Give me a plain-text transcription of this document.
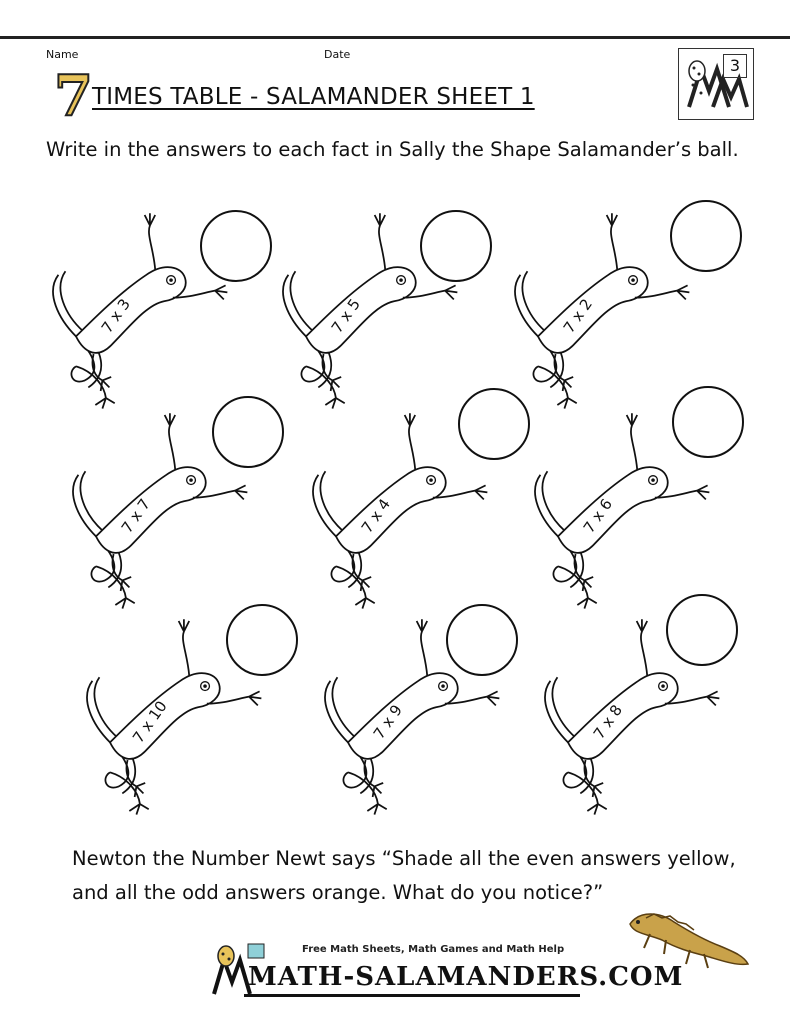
Name	Date
7 TIMES TABLE - SALAMANDER SHEET 1
3
Write in the answers to each fact in Sally the Shape Salamander’s ball.
7 x 3	7 x 5	7 x 2
7 x 7	7 x 4	7 x 6
7 x 10	7 x 9	7 x 8
Newton the Number Newt says “Shade all the even answers yellow,
and all the odd answers orange. What do you notice?”
Free Math Sheets, Math Games and Math Help
MATH-SALAMANDERS.COM
